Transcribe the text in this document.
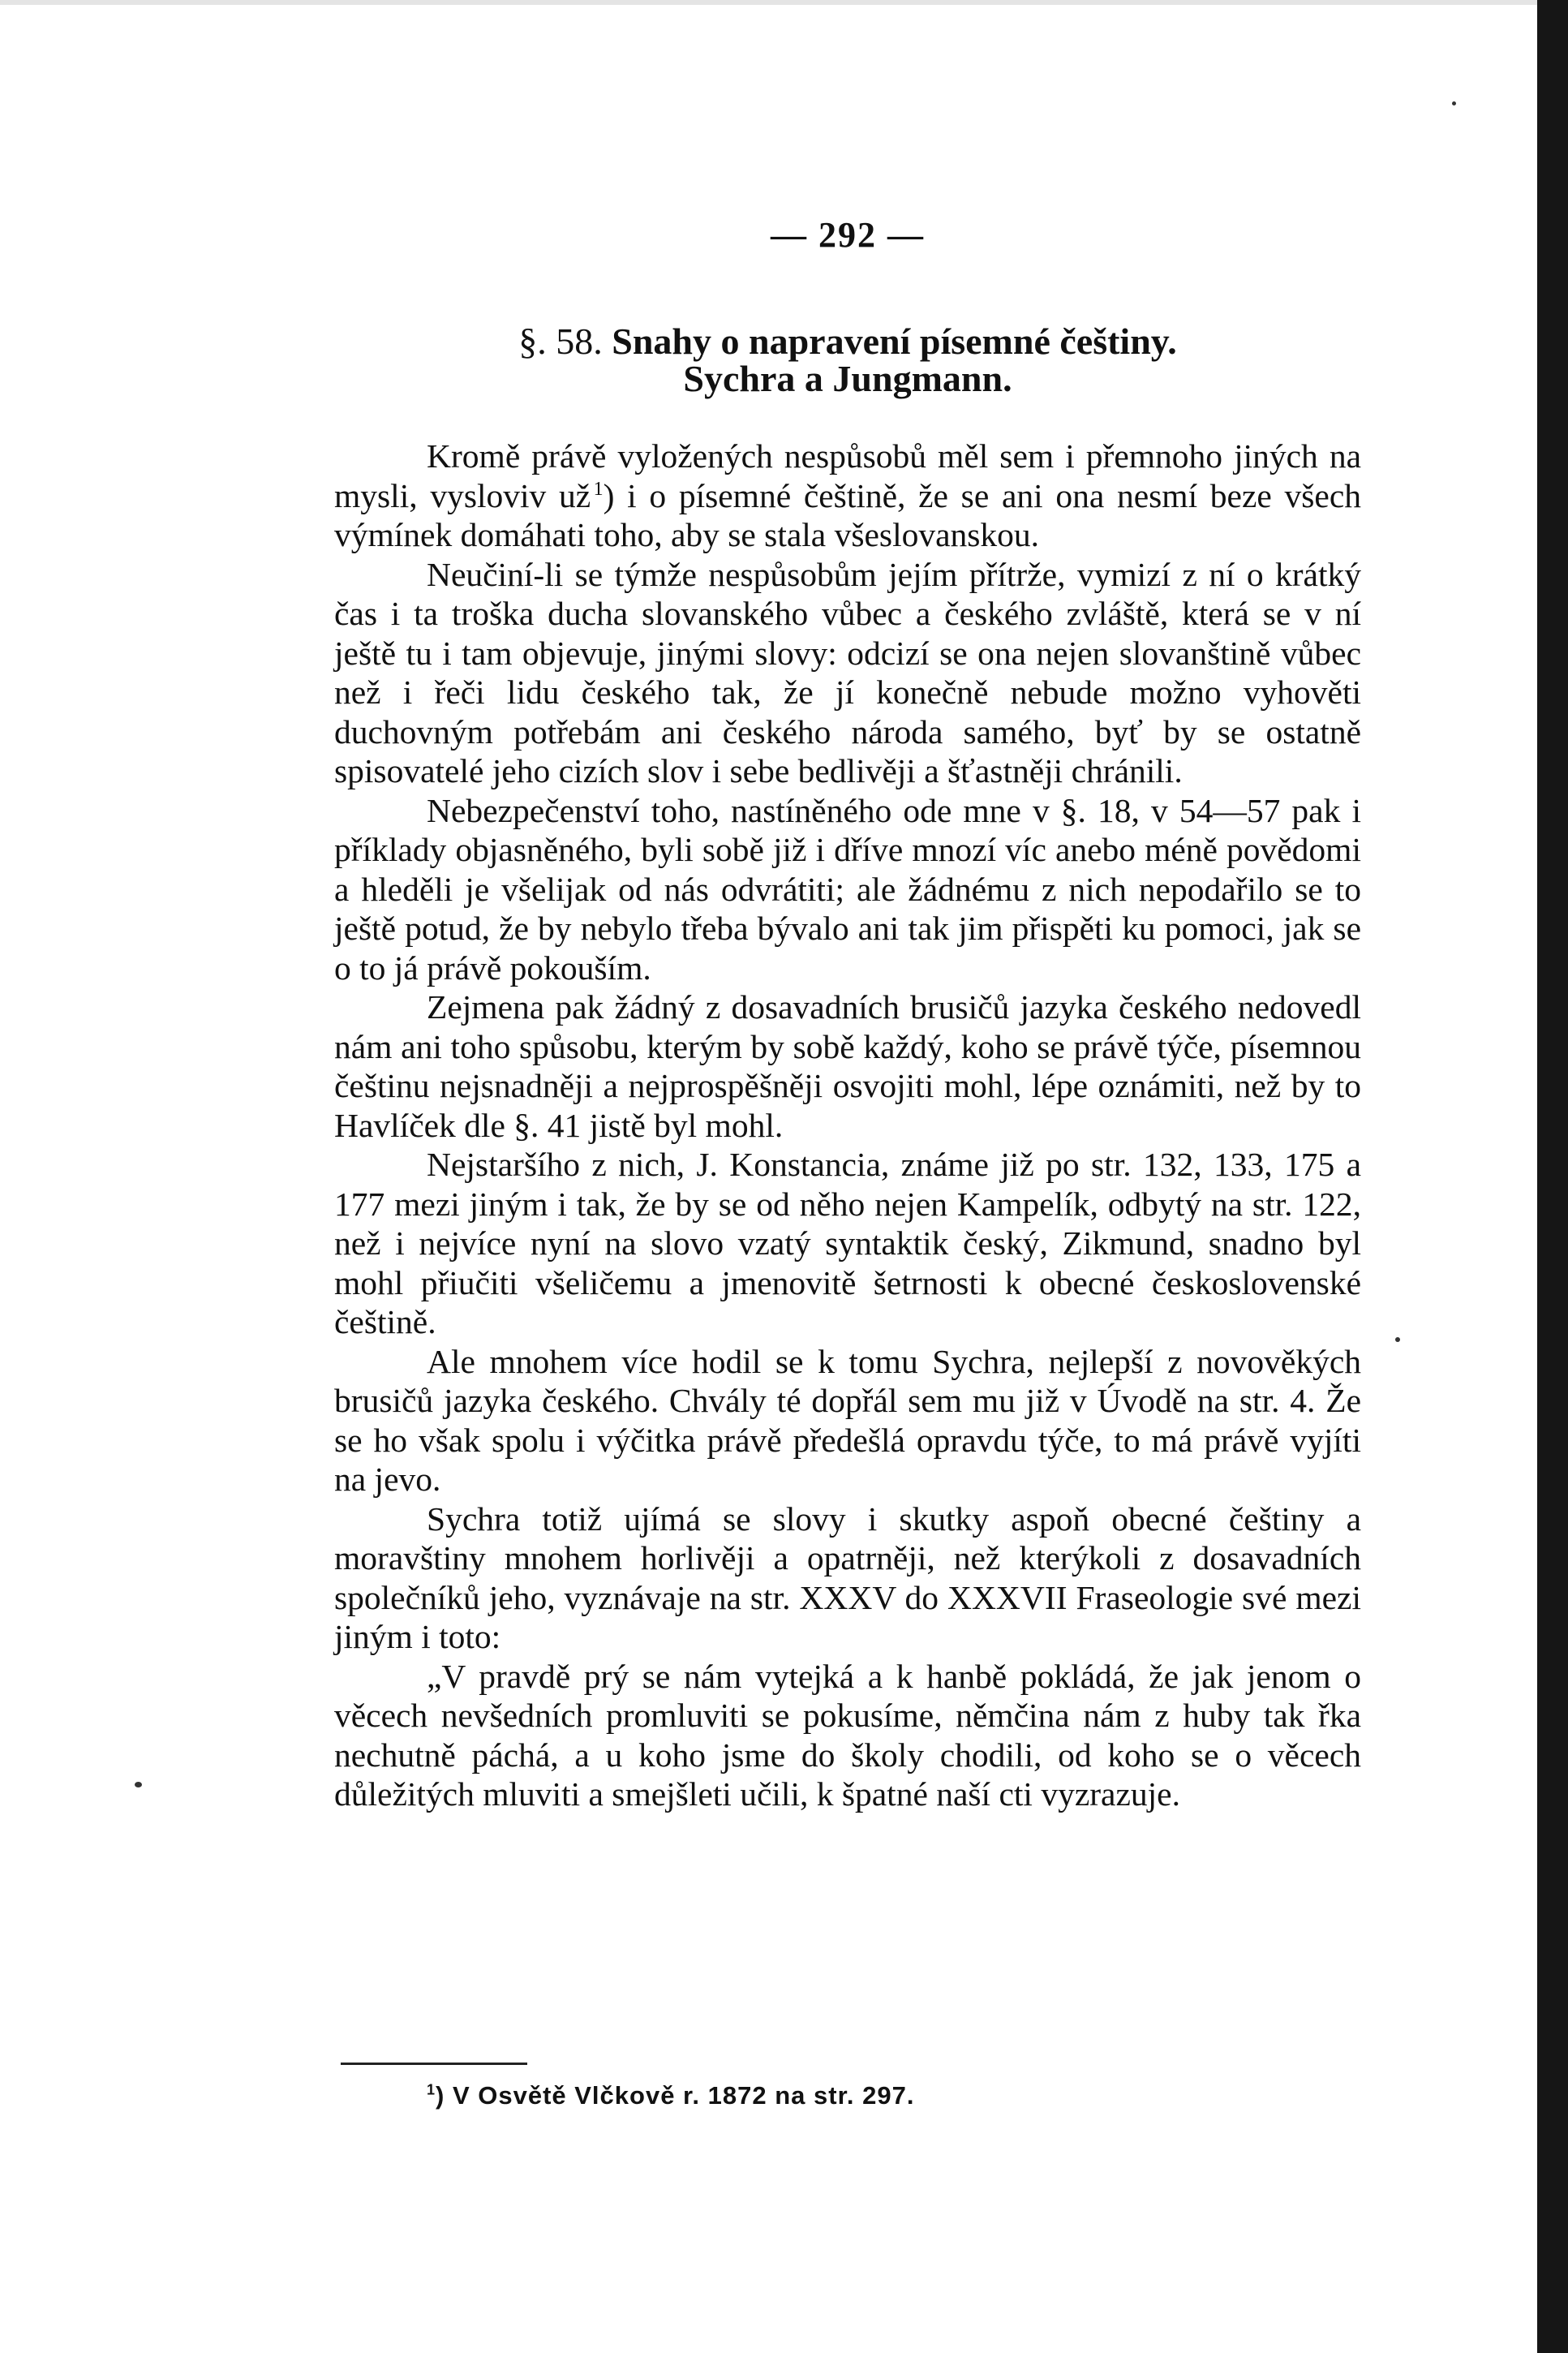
— 292 —
§. 58. Snahy o napravení písemné češtiny.
Sychra a Jungmann.

Kromě právě vyložených nespůsobů měl sem i přemnoho jiných na mysli, vysloviv už  $^1$) i o písemné češtině, že se ani ona nesmí beze všech výmínek domáhati toho, aby se stala všeslovanskou.

Neučiní-li se týmže nespůsobům jejím přítrže, vymizí z ní o krátký čas i ta troška ducha slovanského vůbec a českého zvláště, která se v ní ještě tu i tam objevuje, jinými slovy: odcizí se ona nejen slovanštině vůbec než i řeči lidu českého tak, že jí konečně nebude možno vyhověti duchovným potřebám ani českého národa samého, byť by se ostatně spisovatelé jeho cizích slov i sebe bedlivěji a šťastněji chránili.

Nebezpečenství toho, nastíněného ode mne v §. 18, v 54—57 pak i příklady objasněného, byli sobě již i dříve mnozí víc anebo méně povědomi a hleděli je všelijak od nás odvrátiti; ale žádnému z nich nepodařilo se to ještě potud, že by nebylo třeba bývalo ani tak jim přispěti ku pomoci, jak se o to já právě pokouším.

Zejmena pak žádný z dosavadních brusičů jazyka českého nedovedl nám ani toho spůsobu, kterým by sobě každý, koho se právě týče, písemnou češtinu nejsnadněji a nejprospěšněji osvojiti mohl, lépe oznámiti, než by to Havlíček dle §. 41 jistě byl mohl.

Nejstaršího z nich, J. Konstancia, známe již po str. 132, 133, 175 a 177 mezi jiným i tak, že by se od něho nejen Kampelík, odbytý na str. 122, než i nejvíce nyní na slovo vzatý syntaktik český, Zikmund, snadno byl mohl přiučiti všeličemu a jmenovitě šetrnosti k obecné československé češtině.

Ale mnohem více hodil se k tomu Sychra, nejlepší z novověkých brusičů jazyka českého. Chvály té dopřál sem mu již v Úvodě na str. 4. Že se ho však spolu i výčitka právě předešlá opravdu týče, to má právě vyjíti na jevo.

Sychra totiž ujímá se slovy i skutky aspoň obecné češtiny a moravštiny mnohem horlivěji a opatrněji, než kterýkoli z dosavadních společníků jeho, vyznávaje na str. XXXV do XXXVII Fraseologie své mezi jiným i toto:

„V pravdě prý se nám vytejká a k hanbě pokládá, že jak jenom o věcech nevšedních promluviti se pokusíme, němčina nám z huby tak řka nechutně páchá, a u koho jsme do školy chodili, od koho se o věcech důležitých mluviti a smejšleti učili, k špatné naší cti vyzrazuje.

$^1$) V Osvětě Vlčkově r. 1872 na str. 297.
